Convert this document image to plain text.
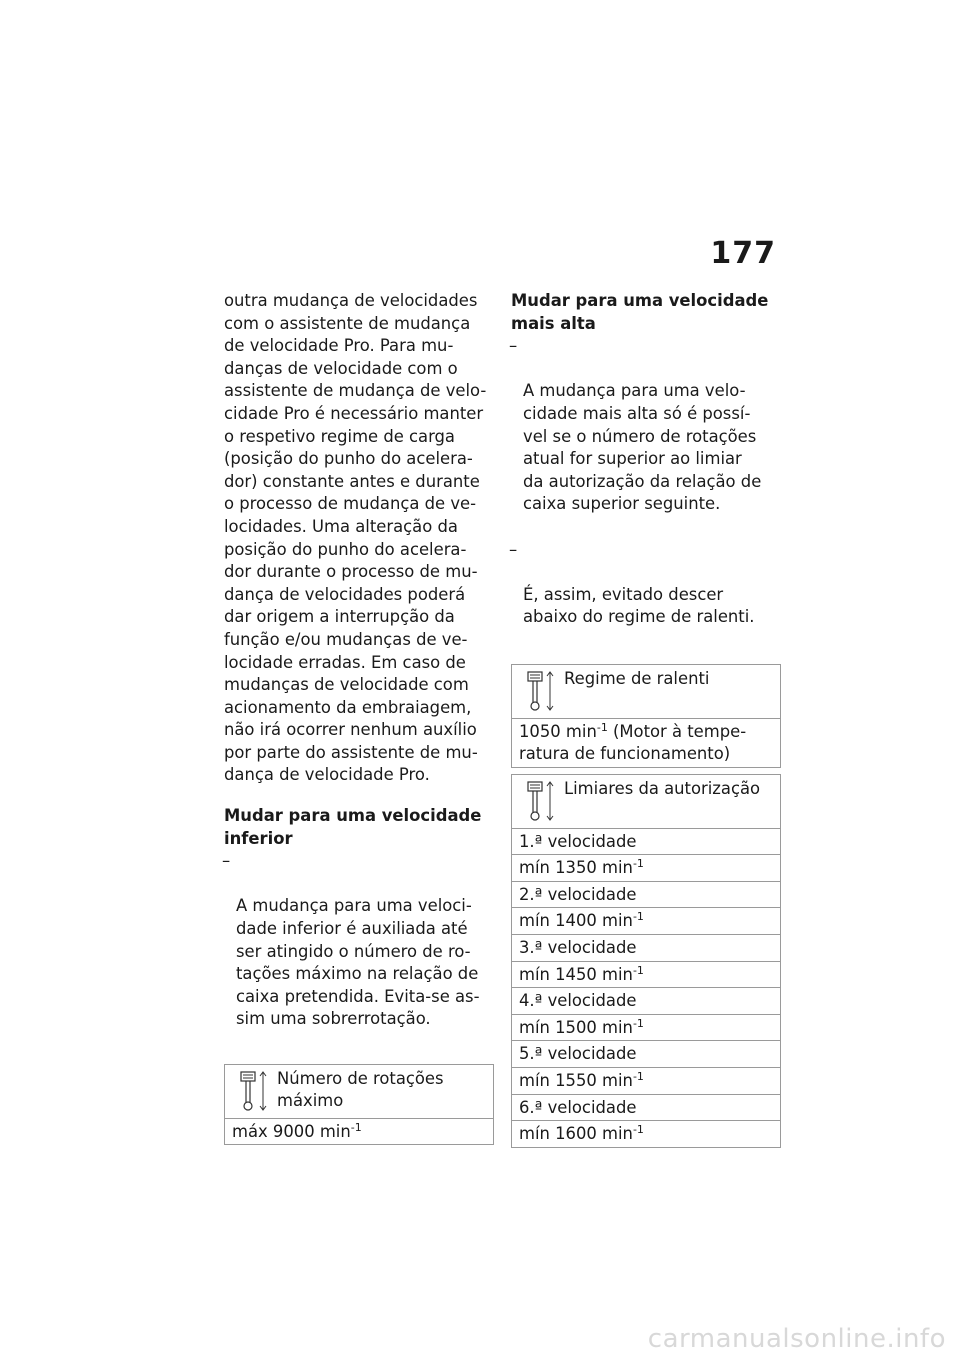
177

outra mudança de velocidades
com o assistente de mudança
de velocidade Pro. Para mu-
danças de velocidade com o
assistente de mudança de velo-
cidade Pro é necessário manter
o respetivo regime de carga
(posição do punho do acelera-
dor) constante antes e durante
o processo de mudança de ve-
locidades. Uma alteração da
posição do punho do acelera-
dor durante o processo de mu-
dança de velocidades poderá
dar origem a interrupção da
função e/ou mudanças de ve-
locidade erradas. Em caso de
mudanças de velocidade com
acionamento da embraiagem,
não irá ocorrer nenhum auxílio
por parte do assistente de mu-
dança de velocidade Pro.

Mudar para uma velocidade
inferior

–

A mudança para uma veloci-
dade inferior é auxiliada até
ser atingido o número de ro-
tações máximo na relação de
caixa pretendida. Evita-se as-
sim uma sobrerrotação.

Número de rotações
máximo
máx 9000 $\min^{-1}$

Mudar para uma velocidade
mais alta

–

A mudança para uma velo-
cidade mais alta só é possí-
vel se o número de rotações
atual for superior ao limiar
da autorização da relação de
caixa superior seguinte.

–

É, assim, evitado descer
abaixo do regime de ralenti.

Regime de ralenti
1050 $\min^{-1}$ (Motor à tempe-
ratura de funcionamento)
Limiares da autorização
1.ª velocidade
mín 1350 $\min^{-1}$
2.ª velocidade
mín 1400 $\min^{-1}$
3.ª velocidade
mín 1450 $\min^{-1}$
4.ª velocidade
mín 1500 $\min^{-1}$
5.ª velocidade
mín 1550 $\min^{-1}$
6.ª velocidade
mín 1600 $\min^{-1}$
carmanualsonline.info
